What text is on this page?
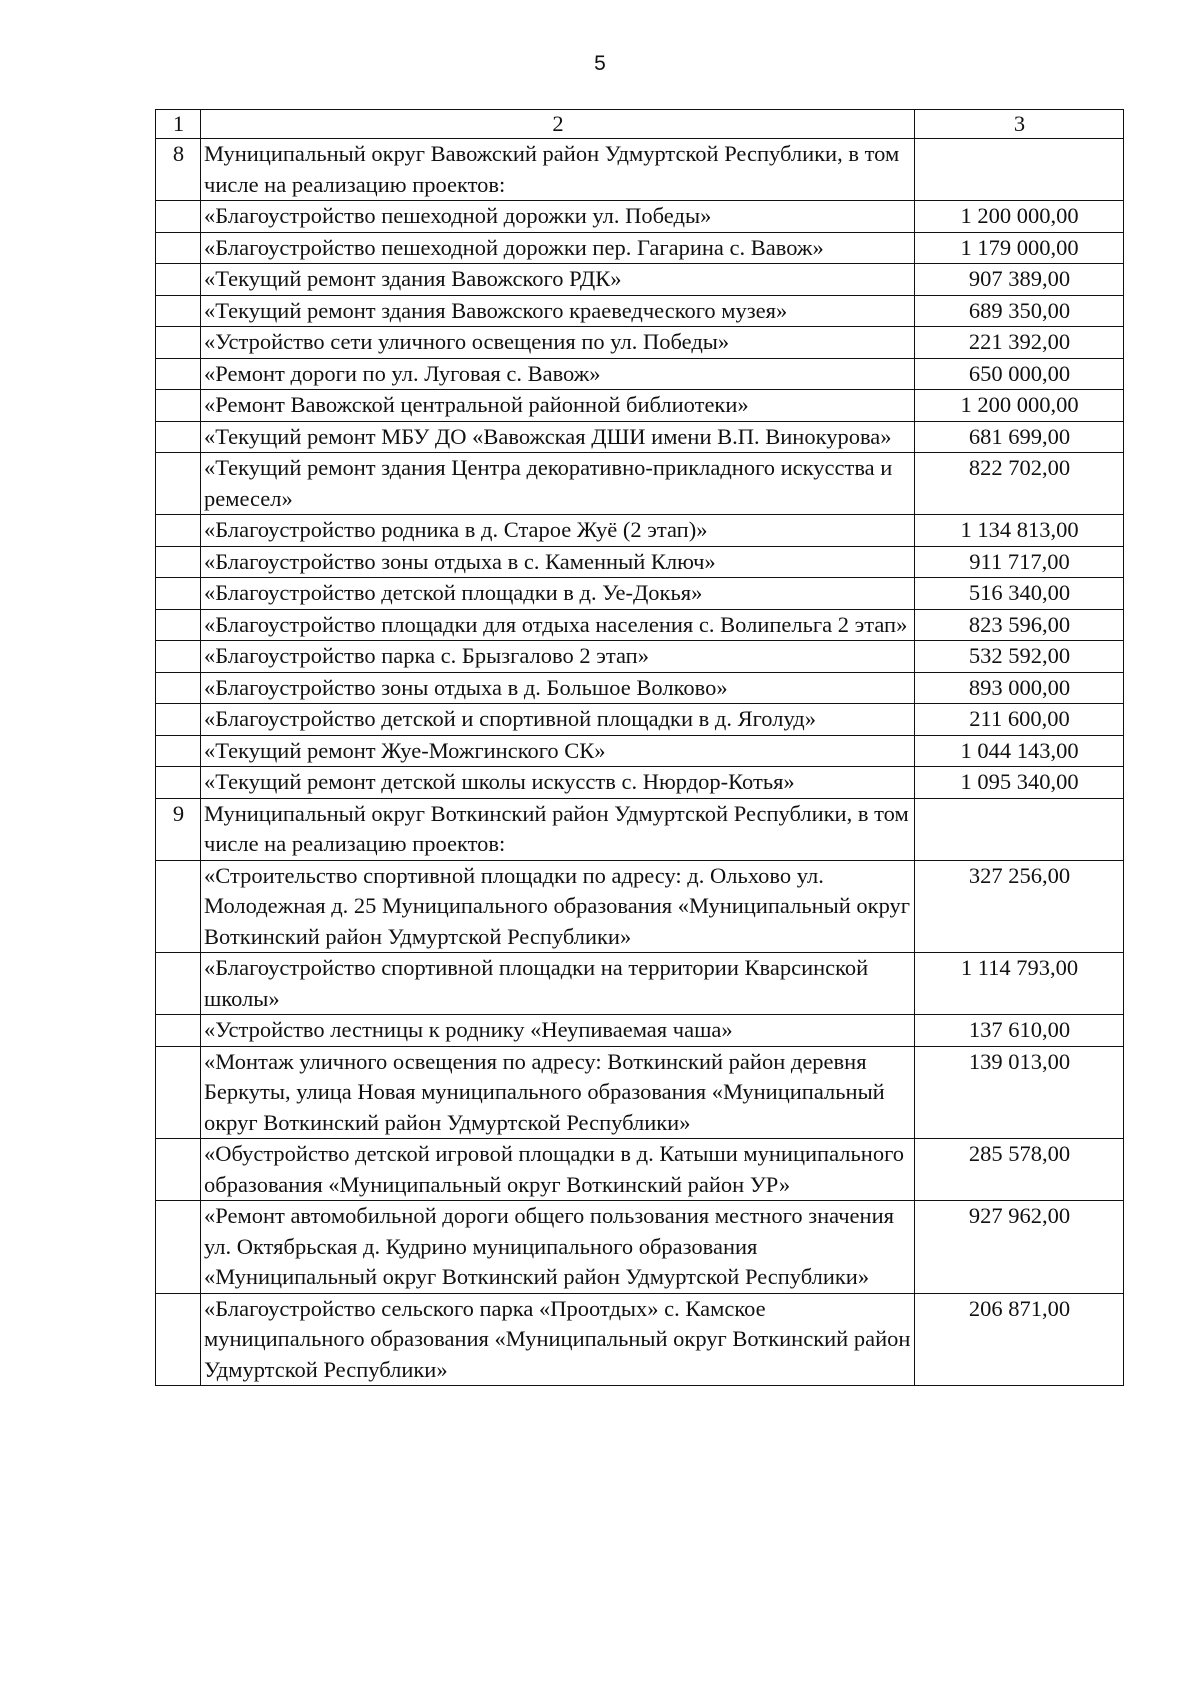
5
1	2	3
8	Муниципальный округ Вавожский район Удмуртской Республики, в том числе на реализацию проектов:	
	«Благоустройство пешеходной дорожки ул. Победы»	1 200 000,00
	«Благоустройство пешеходной дорожки пер. Гагарина с. Вавож»	1 179 000,00
	«Текущий ремонт здания Вавожского РДК»	907 389,00
	«Текущий ремонт здания Вавожского краеведческого музея»	689 350,00
	«Устройство сети уличного освещения по ул. Победы»	221 392,00
	«Ремонт дороги по ул. Луговая с. Вавож»	650 000,00
	«Ремонт Вавожской центральной районной библиотеки»	1 200 000,00
	«Текущий ремонт МБУ ДО «Вавожская ДШИ имени В.П. Винокурова»	681 699,00
	«Текущий ремонт здания Центра декоративно-прикладного искусства и ремесел»	822 702,00
	«Благоустройство родника в д. Старое Жуё (2 этап)»	1 134 813,00
	«Благоустройство зоны отдыха в с. Каменный Ключ»	911 717,00
	«Благоустройство детской площадки в д. Уе-Докья»	516 340,00
	«Благоустройство площадки для отдыха населения с. Волипельга 2 этап»	823 596,00
	«Благоустройство парка с. Брызгалово 2 этап»	532 592,00
	«Благоустройство зоны отдыха в д. Большое Волково»	893 000,00
	«Благоустройство детской и спортивной площадки в д. Яголуд»	211 600,00
	«Текущий ремонт Жуе-Можгинского СК»	1 044 143,00
	«Текущий ремонт детской школы искусств с. Нюрдор-Котья»	1 095 340,00
9	Муниципальный округ Воткинский район Удмуртской Республики, в том числе на реализацию проектов:	
	«Строительство спортивной площадки по адресу: д. Ольхово ул. Молодежная д. 25 Муниципального образования «Муниципальный округ Воткинский район Удмуртской Республики»	327 256,00
	«Благоустройство спортивной площадки на территории Кварсинской школы»	1 114 793,00
	«Устройство лестницы к роднику «Неупиваемая чаша»	137 610,00
	«Монтаж уличного освещения по адресу: Воткинский район деревня Беркуты, улица Новая муниципального образования «Муниципальный округ Воткинский район Удмуртской Республики»	139 013,00
	«Обустройство детской игровой площадки в д. Катыши муниципального образования «Муниципальный округ Воткинский район УР»	285 578,00
	«Ремонт автомобильной дороги общего пользования местного значения ул. Октябрьская д. Кудрино муниципального образования «Муниципальный округ Воткинский район Удмуртской Республики»	927 962,00
	«Благоустройство сельского парка «Проотдых» с. Камское муниципального образования «Муниципальный округ Воткинский район Удмуртской Республики»	206 871,00
